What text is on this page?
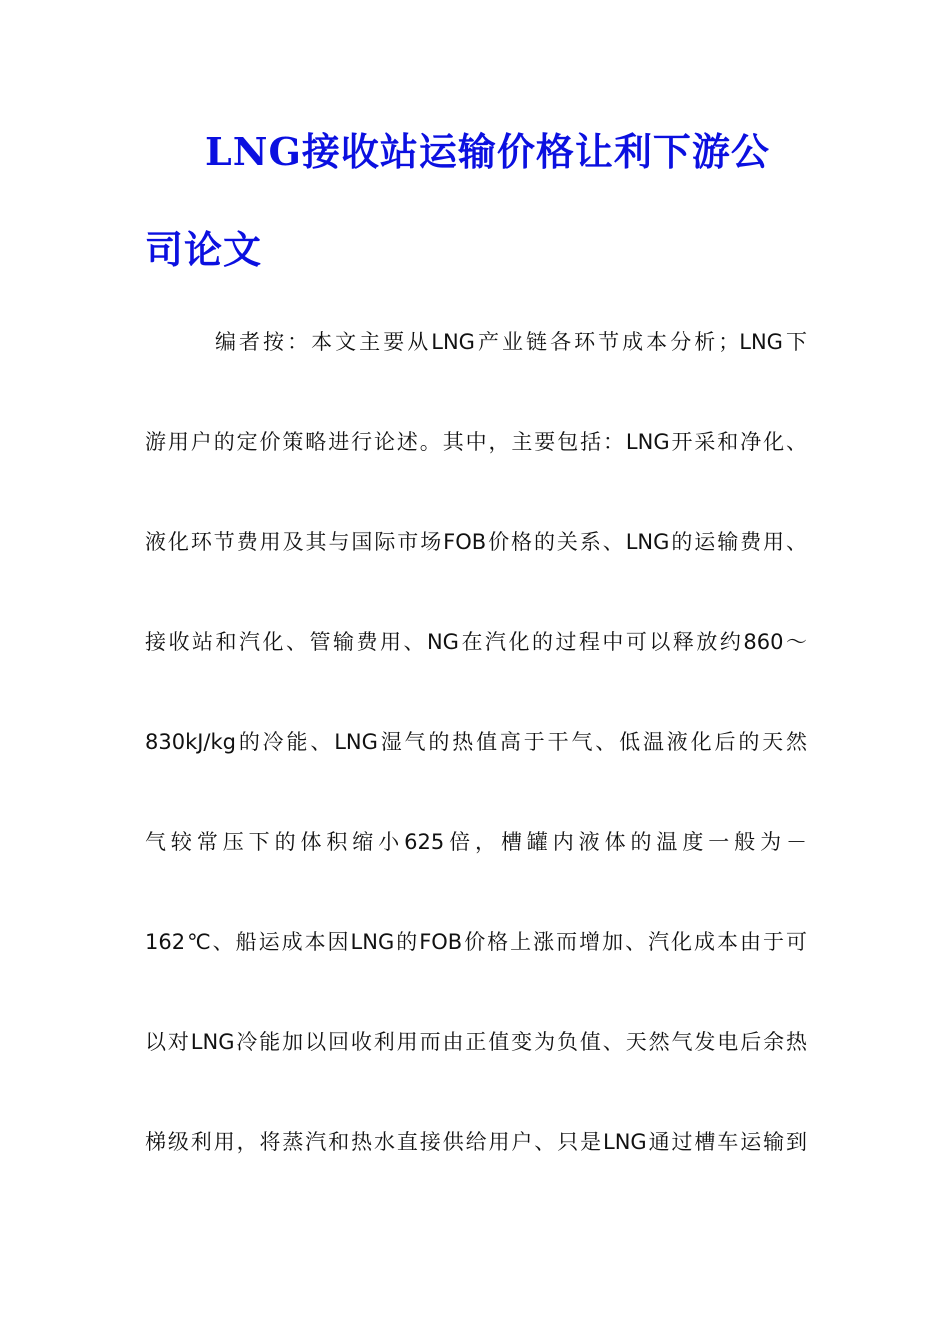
LNG接收站运输价格让利下游公
司论文
编者按：本文主要从LNG产业链各环节成本分析；LNG下
游用户的定价策略进行论述。其中，主要包括：LNG开采和净化、
液化环节费用及其与国际市场FOB价格的关系、LNG的运输费用、
接收站和汽化、管输费用、NG在汽化的过程中可以释放约860～
830kJ/kg的冷能、LNG湿气的热值高于干气、低温液化后的天然
气较常压下的体积缩小625倍，槽罐内液体的温度一般为－
162℃、船运成本因LNG的FOB价格上涨而增加、汽化成本由于可
以对LNG冷能加以回收利用而由正值变为负值、天然气发电后余热
梯级利用，将蒸汽和热水直接供给用户、只是LNG通过槽车运输到
